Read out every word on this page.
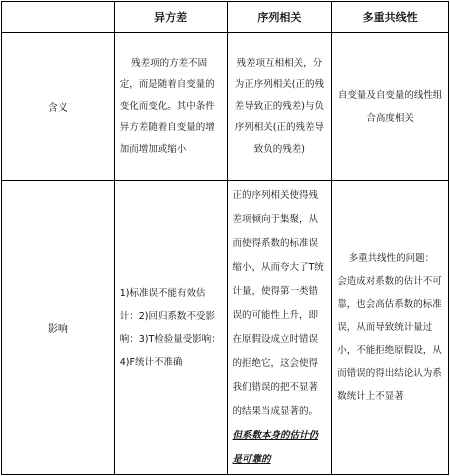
	异方差	序列相关	多重共线性
含义	残差项的方差不固定，而是随着自变量的变化而变化。其中条件异方差随着自变量的增加而增加或缩小	残差项互相相关，分为正序列相关(正的残差导致正的残差)与负序列相关(正的残差导致负的残差)	自变量及自变量的线性组合高度相关
影响	1)标准误不能有效估计：2)回归系数不受影响：3)T检验量受影响：4)F统计不准确	正的序列相关使得残差项倾向于集聚，从而使得系数的标准误缩小，从而夸大了T统计量，使得第一类错误的可能性上升，即在原假设成立时错误的拒绝它，这会使得我们错误的把不显著的结果当成显著的。但系数本身的估计仍是可靠的	多重共线性的问题：会造成对系数的估计不可靠，也会高估系数的标准误，从而导致统计量过小，不能拒绝原假设，从而错误的得出结论认为系数统计上不显著
